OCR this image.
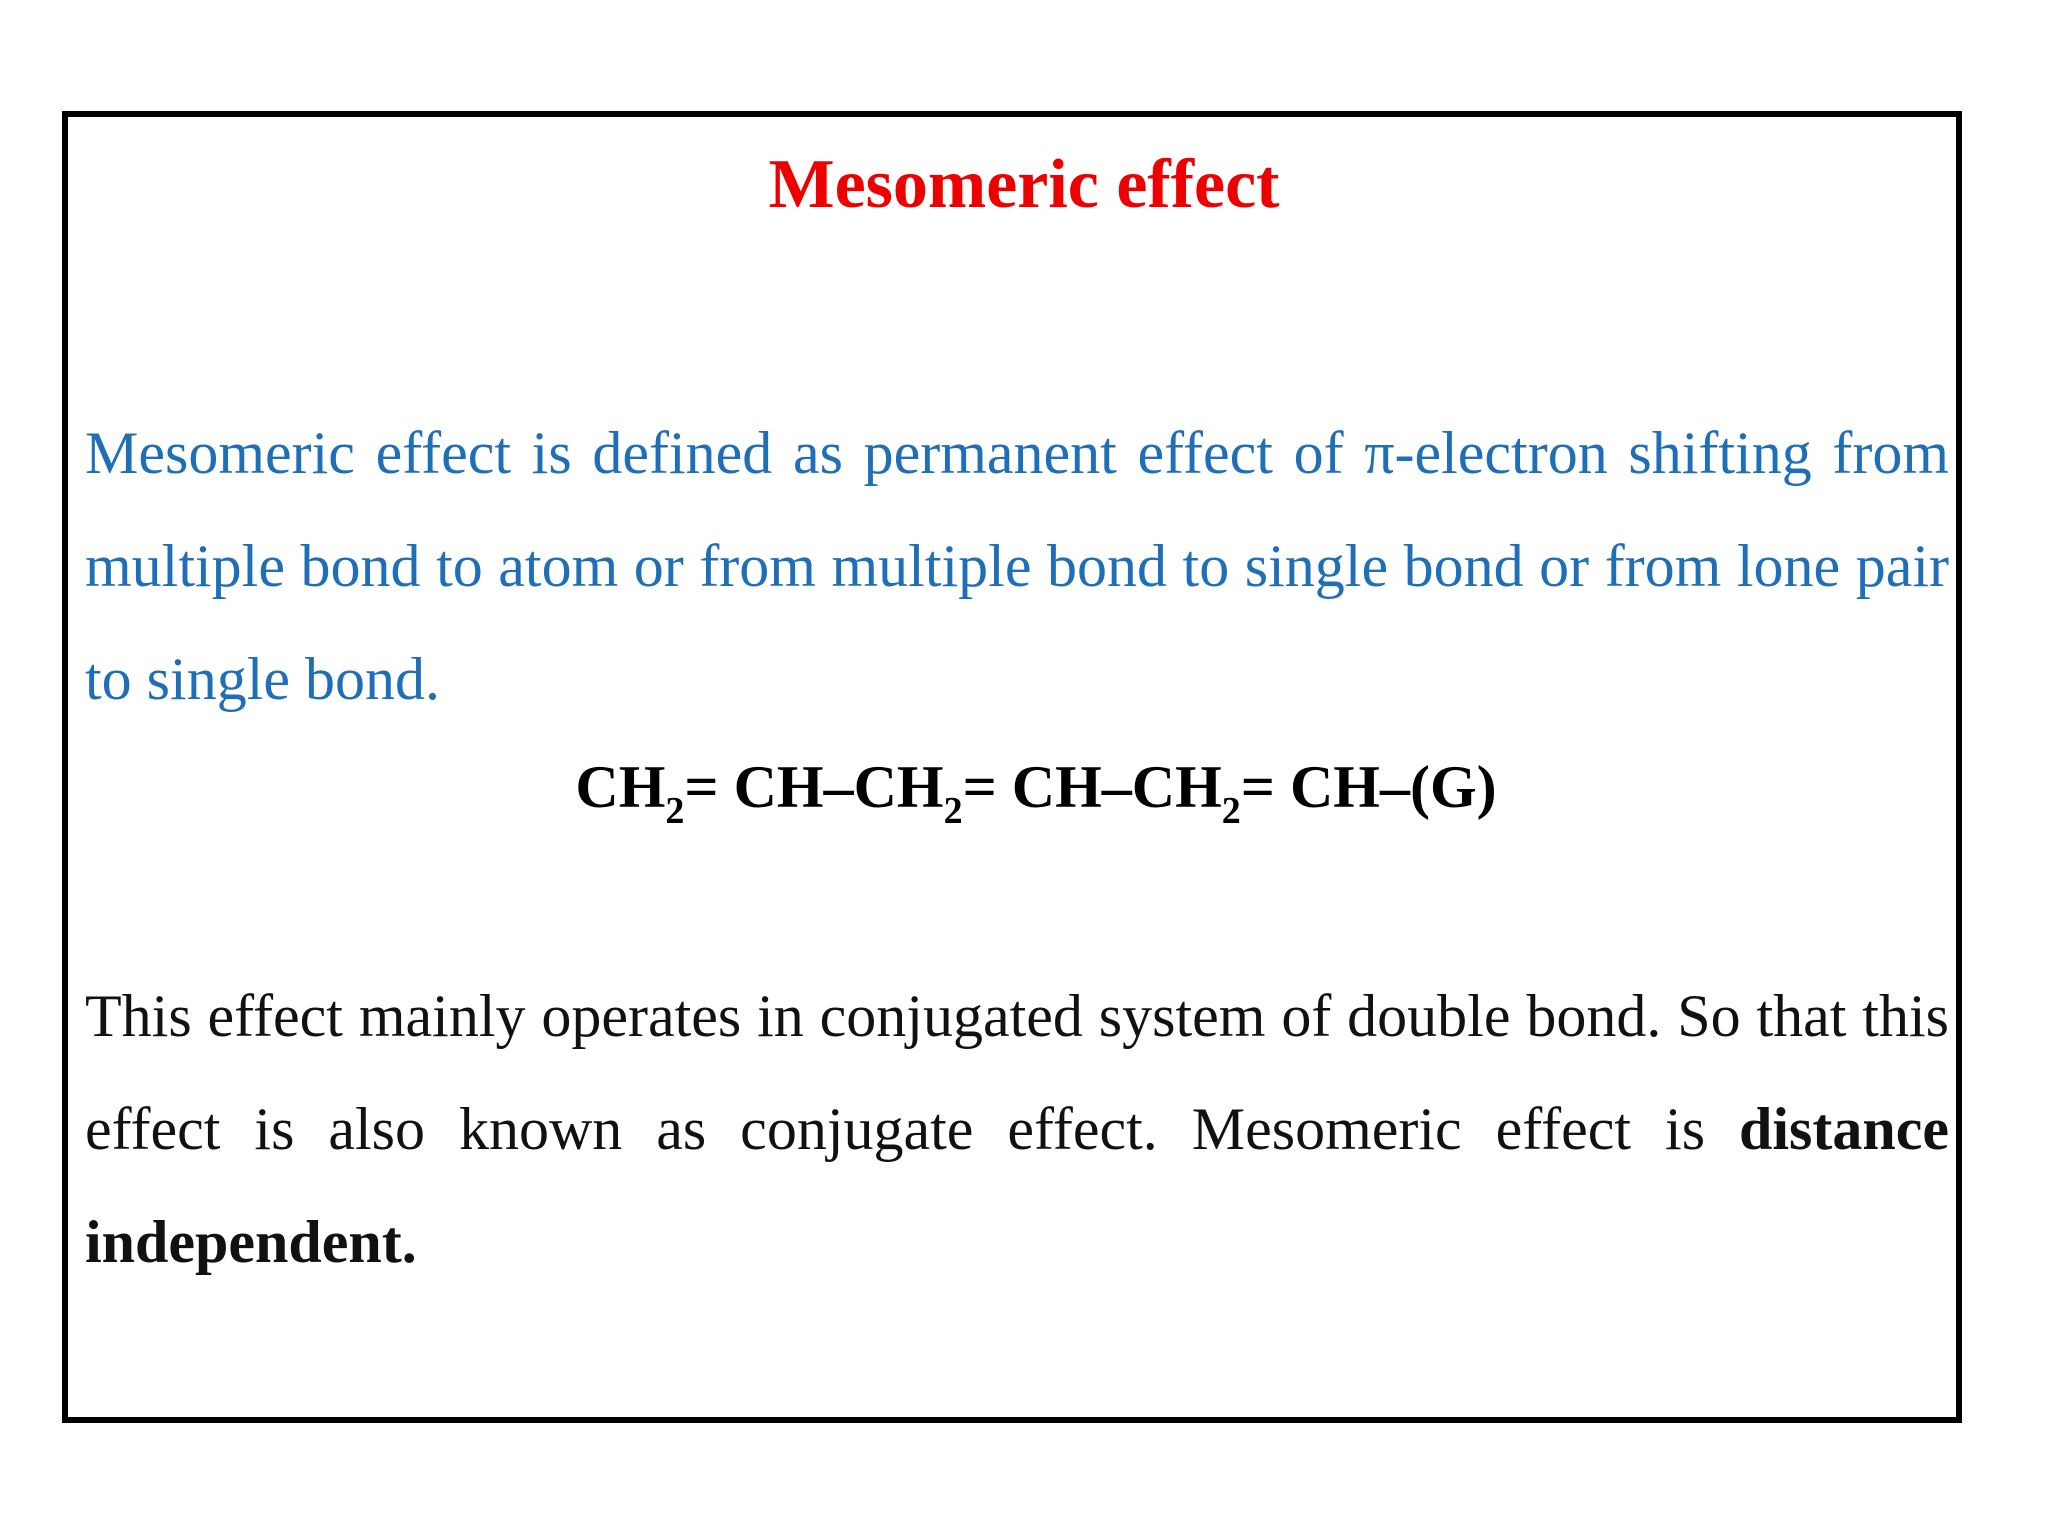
Mesomeric effect
Mesomeric effect is defined as permanent effect of π-electron shifting from multiple bond to atom or from multiple bond to single bond or from lone pair to single bond.
$CH_2= CH-CH_2= CH-CH_2= CH-(G)$
This effect mainly operates in conjugated system of double bond. So that this effect is also known as conjugate effect. Mesomeric effect is distance independent.
